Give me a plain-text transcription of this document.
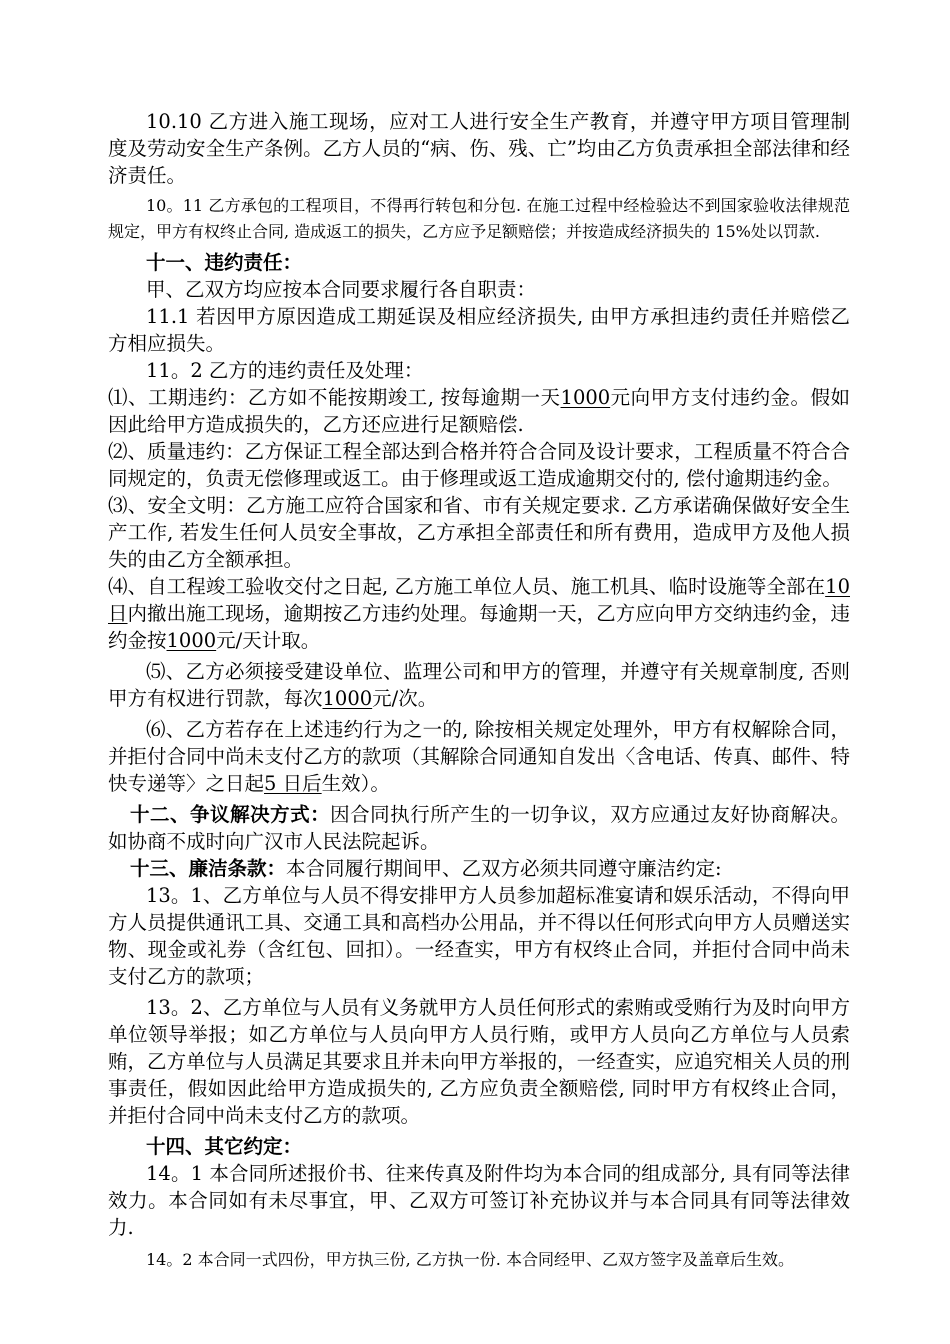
10.10 乙方进入施工现场，应对工人进行安全生产教育，并遵守甲方项目管理制度及劳动安全生产条例。乙方人员的“病、伤、残、亡”均由乙方负责承担全部法律和经济责任。

10。11 乙方承包的工程项目，不得再行转包和分包. 在施工过程中经检验达不到国家验收法律规范规定，甲方有权终止合同, 造成返工的损失，乙方应予足额赔偿；并按造成经济损失的 15%处以罚款.

十一、违约责任：

甲、乙双方均应按本合同要求履行各自职责：

11.1 若因甲方原因造成工期延误及相应经济损失, 由甲方承担违约责任并赔偿乙方相应损失。

11。2 乙方的违约责任及处理：

⑴、工期违约：乙方如不能按期竣工, 按每逾期一天1000元向甲方支付违约金。假如因此给甲方造成损失的，乙方还应进行足额赔偿.

⑵、质量违约：乙方保证工程全部达到合格并符合合同及设计要求，工程质量不符合合同规定的，负责无偿修理或返工。由于修理或返工造成逾期交付的, 偿付逾期违约金。

⑶、安全文明：乙方施工应符合国家和省、市有关规定要求. 乙方承诺确保做好安全生产工作, 若发生任何人员安全事故，乙方承担全部责任和所有费用，造成甲方及他人损失的由乙方全额承担。

⑷、自工程竣工验收交付之日起, 乙方施工单位人员、施工机具、临时设施等全部在10 日内撤出施工现场，逾期按乙方违约处理。每逾期一天，乙方应向甲方交纳违约金，违约金按1000元/天计取。

⑸、乙方必须接受建设单位、监理公司和甲方的管理，并遵守有关规章制度, 否则甲方有权进行罚款，每次1000元/次。

⑹、乙方若存在上述违约行为之一的, 除按相关规定处理外，甲方有权解除合同，并拒付合同中尚未支付乙方的款项（其解除合同通知自发出〈含电话、传真、邮件、特快专递等〉之日起5 日后生效）。

十二、争议解决方式：因合同执行所产生的一切争议，双方应通过友好协商解决。如协商不成时向广汉市人民法院起诉。

十三、廉洁条款：本合同履行期间甲、乙双方必须共同遵守廉洁约定:

13。1、乙方单位与人员不得安排甲方人员参加超标准宴请和娱乐活动，不得向甲方人员提供通讯工具、交通工具和高档办公用品，并不得以任何形式向甲方人员赠送实物、现金或礼券（含红包、回扣）。一经查实，甲方有权终止合同，并拒付合同中尚未支付乙方的款项；

13。2、乙方单位与人员有义务就甲方人员任何形式的索贿或受贿行为及时向甲方单位领导举报；如乙方单位与人员向甲方人员行贿，或甲方人员向乙方单位与人员索贿，乙方单位与人员满足其要求且并未向甲方举报的，一经查实，应追究相关人员的刑事责任，假如因此给甲方造成损失的, 乙方应负责全额赔偿, 同时甲方有权终止合同，并拒付合同中尚未支付乙方的款项。

十四、其它约定：

14。1 本合同所述报价书、往来传真及附件均为本合同的组成部分, 具有同等法律效力。本合同如有未尽事宜，甲、乙双方可签订补充协议并与本合同具有同等法律效力.

14。2 本合同一式四份，甲方执三份, 乙方执一份. 本合同经甲、乙双方签字及盖章后生效。
